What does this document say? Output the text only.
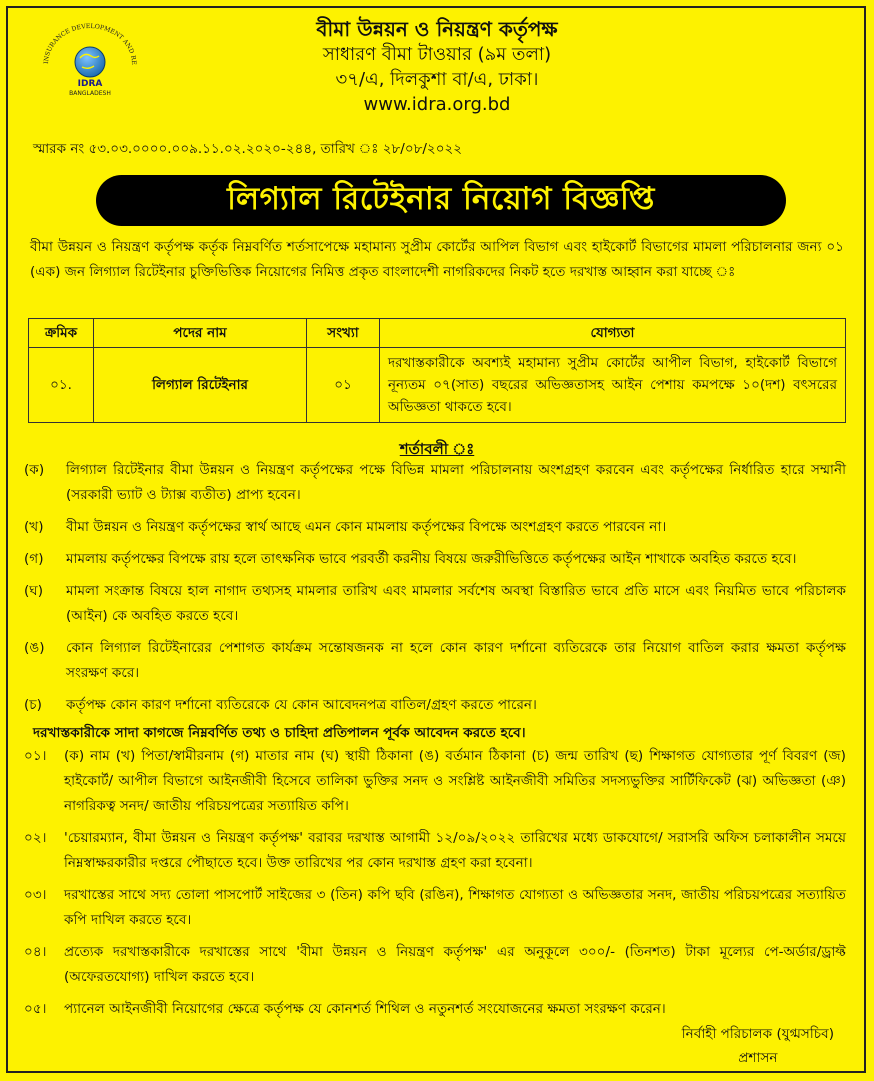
INSURANCE DEVELOPMENT AND RE
IDRA
BANGLADESH
বীমা উন্নয়ন ও নিয়ন্ত্রণ কর্তৃপক্ষ
সাধারণ বীমা টাওয়ার (৯ম তলা)
৩৭/এ, দিলকুশা বা/এ, ঢাকা।
www.idra.org.bd
স্মারক নং ৫৩.০৩.০০০০.০০৯.১১.০২.২০২০-২৪৪, তারিখ ঃ ২৮/০৮/২০২২
লিগ্যাল রিটেইনার নিয়োগ বিজ্ঞপ্তি
বীমা উন্নয়ন ও নিয়ন্ত্রণ কর্তৃপক্ষ কর্তৃক নিম্নবর্ণিত শর্তসাপেক্ষে মহামান্য সুপ্রীম কোর্টের আপিল বিভাগ এবং হাইকোর্ট বিভাগের মামলা পরিচালনার জন্য ০১ (এক) জন লিগ্যাল রিটেইনার চুক্তিভিত্তিক নিয়োগের নিমিত্ত প্রকৃত বাংলাদেশী নাগরিকদের নিকট হতে দরখাস্ত আহ্বান করা যাচ্ছে ঃ
ক্রমিক	পদের নাম	সংখ্যা	যোগ্যতা
০১.	লিগ্যাল রিটেইনার	০১	দরখাস্তকারীকে অবশ্যই মহামান্য সুপ্রীম কোর্টের আপীল বিভাগ, হাইকোর্ট বিভাগে নূন্যতম ০৭(সাত) বছরের অভিজ্ঞতাসহ আইন পেশায় কমপক্ষে ১০(দশ) বৎসরের অভিজ্ঞতা থাকতে হবে।
শর্তাবলী ঃ
(ক)	লিগ্যাল রিটেইনার বীমা উন্নয়ন ও নিয়ন্ত্রণ কর্তৃপক্ষের পক্ষে বিভিন্ন মামলা পরিচালনায় অংশগ্রহণ করবেন এবং কর্তৃপক্ষের নির্ধারিত হারে সম্মানী (সরকারী ভ্যাট ও ট্যাক্স ব্যতীত) প্রাপ্য হবেন।
(খ)	বীমা উন্নয়ন ও নিয়ন্ত্রণ কর্তৃপক্ষের স্বার্থ আছে এমন কোন মামলায় কর্তৃপক্ষের বিপক্ষে অংশগ্রহণ করতে পারবেন না।
(গ)	মামলায় কর্তৃপক্ষের বিপক্ষে রায় হলে তাৎক্ষনিক ভাবে পরবর্তী করনীয় বিষয়ে জরুরীভিত্তিতে কর্তৃপক্ষের আইন শাখাকে অবহিত করতে হবে।
(ঘ)	মামলা সংক্রান্ত বিষয়ে হাল নাগাদ তথ্যসহ মামলার তারিখ এবং মামলার সর্বশেষ অবস্থা বিস্তারিত ভাবে প্রতি মাসে এবং নিয়মিত ভাবে পরিচালক (আইন) কে অবহিত করতে হবে।
(ঙ)	কোন লিগ্যাল রিটেইনারের পেশাগত কার্যক্রম সন্তোষজনক না হলে কোন কারণ দর্শানো ব্যতিরেকে তার নিয়োগ বাতিল করার ক্ষমতা কর্তৃপক্ষ সংরক্ষণ করে।
(চ)	কর্তৃপক্ষ কোন কারণ দর্শানো ব্যতিরেকে যে কোন আবেদনপত্র বাতিল/গ্রহণ করতে পারেন।
দরখাস্তকারীকে সাদা কাগজে নিম্নবর্ণিত তথ্য ও চাহিদা প্রতিপালন পূর্বক আবেদন করতে হবে।
০১।	(ক) নাম (খ) পিতা/স্বামীরনাম (গ) মাতার নাম (ঘ) স্থায়ী ঠিকানা (ঙ) বর্তমান ঠিকানা (চ) জন্ম তারিখ (ছ) শিক্ষাগত যোগ্যতার পূর্ণ বিবরণ (জ) হাইকোর্ট/ আপীল বিভাগে আইনজীবী হিসেবে তালিকা ভুক্তির সনদ ও সংশ্লিষ্ট আইনজীবী সমিতির সদস্যভুক্তির সার্টিফিকেট (ঝ) অভিজ্ঞতা (ঞ) নাগরিকত্ব সনদ/ জাতীয় পরিচয়পত্রের সত্যায়িত কপি।
০২।	'চেয়ারম্যান, বীমা উন্নয়ন ও নিয়ন্ত্রণ কর্তৃপক্ষ' বরাবর দরখাস্ত আগামী ১২/০৯/২০২২ তারিখের মধ্যে ডাকযোগে/ সরাসরি অফিস চলাকালীন সময়ে নিম্নস্বাক্ষরকারীর দপ্তরে পৌছাতে হবে। উক্ত তারিখের পর কোন দরখাস্ত গ্রহণ করা হবেনা।
০৩।	দরখাস্তের সাথে সদ্য তোলা পাসপোর্ট সাইজের ৩ (তিন) কপি ছবি (রঙিন), শিক্ষাগত যোগ্যতা ও অভিজ্ঞতার সনদ, জাতীয় পরিচয়পত্রের সত্যায়িত কপি দাখিল করতে হবে।
০৪।	প্রত্যেক দরখাস্তকারীকে দরখাস্তের সাথে 'বীমা উন্নয়ন ও নিয়ন্ত্রণ কর্তৃপক্ষ' এর অনুকূলে ৩০০/- (তিনশত) টাকা মূল্যের পে-অর্ডার/ড্রাফ্ট (অফেরতযোগ্য) দাখিল করতে হবে।
০৫।	প্যানেল আইনজীবী নিয়োগের ক্ষেত্রে কর্তৃপক্ষ যে কোনশর্ত শিথিল ও নতুনশর্ত সংযোজনের ক্ষমতা সংরক্ষণ করেন।
নির্বাহী পরিচালক (যুগ্মসচিব)
প্রশাসন
